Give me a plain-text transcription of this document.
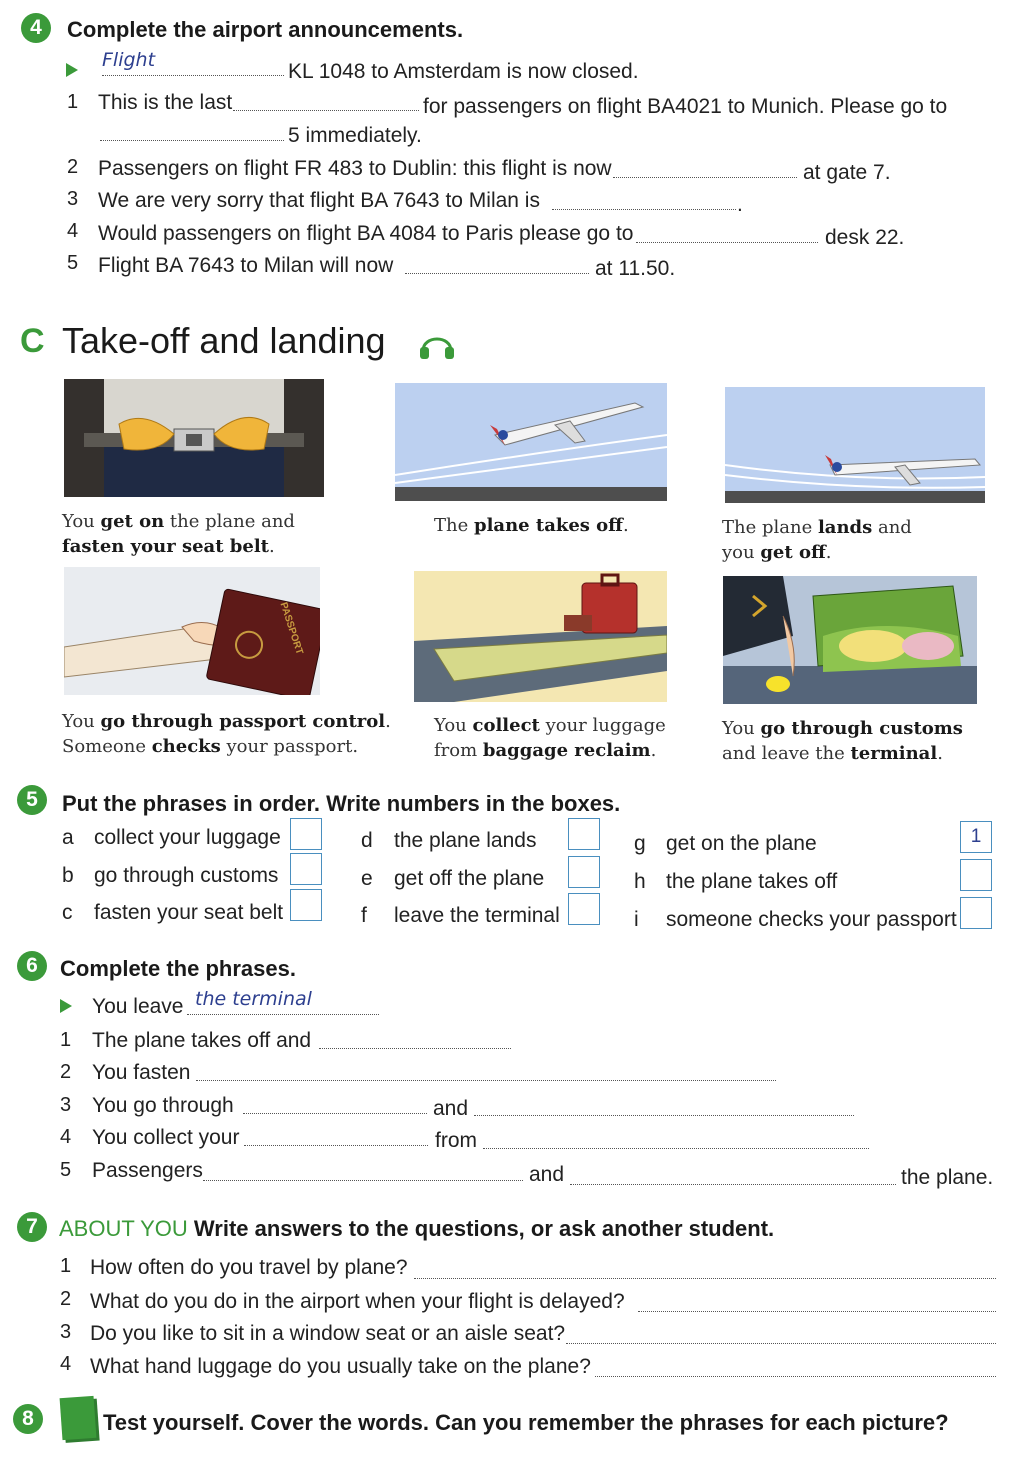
4	Complete the airport announcements.
Flight	KL 1048 to Amsterdam is now closed.
1 This is the last	for passengers on flight BA4021 to Munich. Please go to
5 immediately.
2 Passengers on flight FR 483 to Dublin: this flight is now	at gate 7.
3 We are very sorry that flight BA 7643 to Milan is	.
4 Would passengers on flight BA 4084 to Paris please go to	desk 22.
5 Flight BA 7643 to Milan will now	at 11.50.
C Take-off and landing
You get on the plane and
fasten your seat belt.
The plane takes off.	The plane lands and
you get off.
PASSPORT
You go through passport control.
Someone checks your passport.
You collect your luggage
from baggage reclaim.
You go through customs
and leave the terminal.
5	Put the phrases in order. Write numbers in the boxes.
a collect your luggage
b go through customs
c fasten your seat belt
d the plane lands
e get off the plane
f leave the terminal
g get on the plane	1
h the plane takes off
i someone checks your passport
6	Complete the phrases.
You leave the terminal
1 The plane takes off and
2 You fasten
3 You go through	and
4 You collect your	from
5 Passengers	and	the plane.
7 ABOUT YOU Write answers to the questions, or ask another student.
1 How often do you travel by plane?
2 What do you do in the airport when your flight is delayed?
3 Do you like to sit in a window seat or an aisle seat?
4 What hand luggage do you usually take on the plane?
8	Test yourself. Cover the words. Can you remember the phrases for each picture?
